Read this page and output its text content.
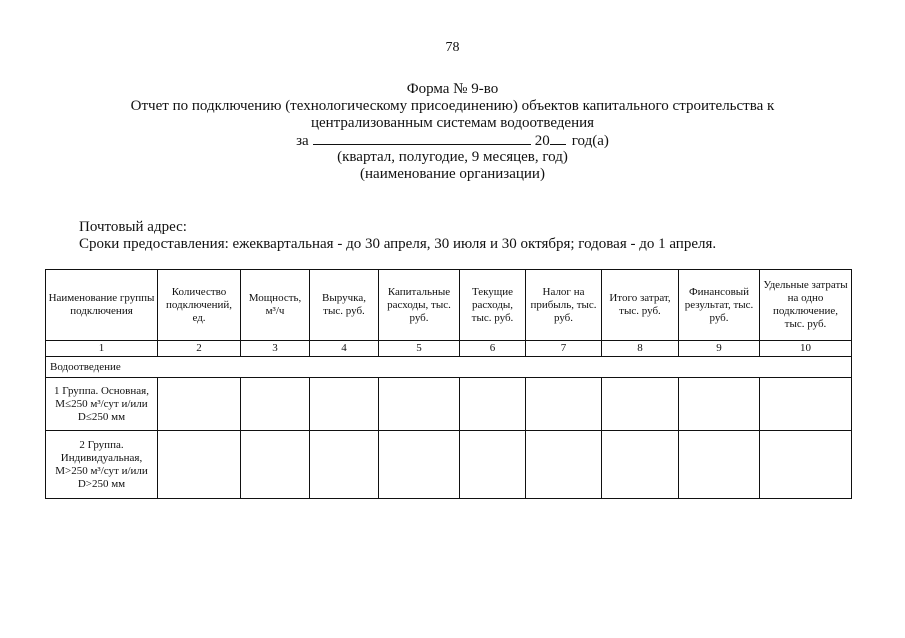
78
Форма № 9-во
Отчет по подключению (технологическому присоединению) объектов капитального строительства к
централизованным системам водоотведения
за	20 год(а)
(квартал, полугодие, 9 месяцев, год)
(наименование организации)
Почтовый адрес:
Сроки предоставления: ежеквартальная - до 30 апреля, 30 июля и 30 октября; годовая - до 1 апреля.
Наименование группы подключения	Количество подключений, ед.	Мощность, м³/ч	Выручка, тыс. руб.	Капитальные расходы, тыс. руб.	Текущие расходы, тыс. руб.	Налог на прибыль, тыс. руб.	Итого затрат, тыс. руб.	Финансовый результат, тыс. руб.	Удельные затраты на одно подключение, тыс. руб.
1	2	3	4	5	6	7	8	9	10
Водоотведение									

1 Группа. Основная,
M≤250 м³/сут и/или
D≤250 мм									

2 Группа.
Индивидуальная,
M>250 м³/сут и/или
D>250 мм									
